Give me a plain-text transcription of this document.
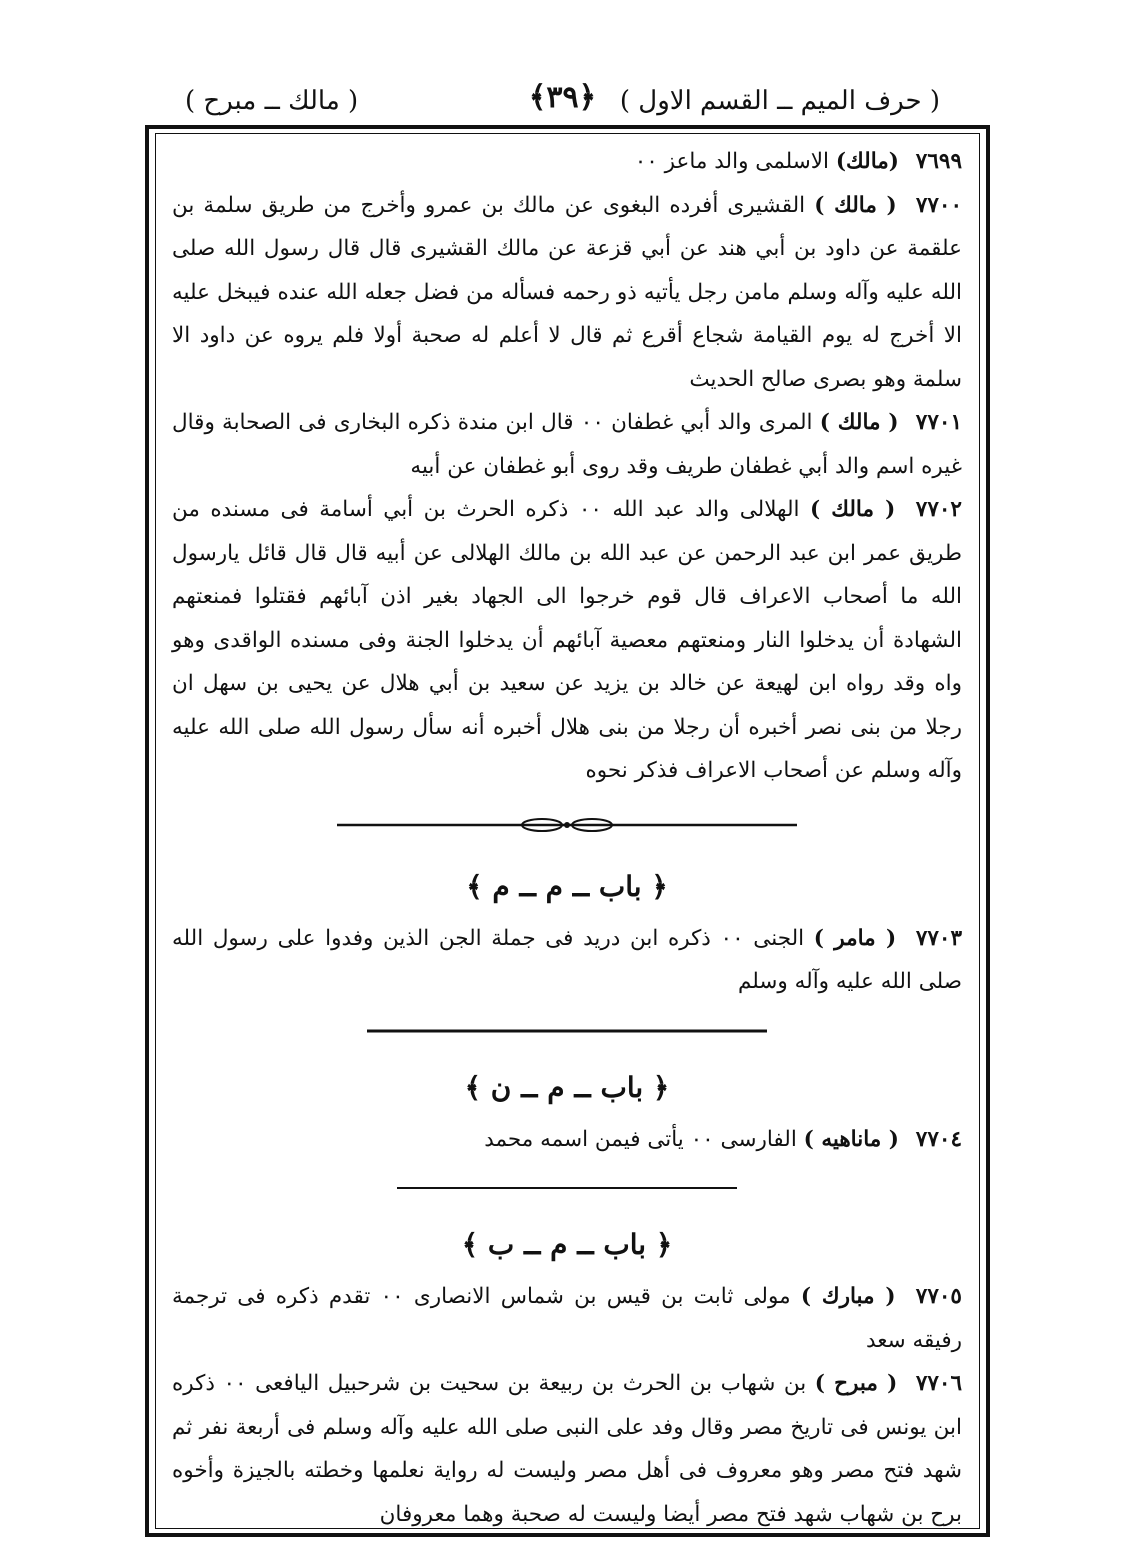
( حرف الميم ــ القسم الاول )
﴿٣٩﴾
( مالك ــ مبرح )

٧٦٩٩ (مالك) الاسلمى والد ماعز ٠٠

٧٧٠٠ ( مالك ) القشيرى أفرده البغوى عن مالك بن عمرو وأخرج من طريق سلمة بن علقمة عن داود بن أبي هند عن أبي قزعة عن مالك القشيرى قال قال رسول الله صلى الله عليه وآله وسلم مامن رجل يأتيه ذو رحمه فسأله من فضل جعله الله عنده فيبخل عليه الا أخرج له يوم القيامة شجاع أقرع ثم قال لا أعلم له صحبة أولا فلم يروه عن داود الا سلمة وهو بصرى صالح الحديث

٧٧٠١ ( مالك ) المرى والد أبي غطفان ٠٠ قال ابن مندة ذكره البخارى فى الصحابة وقال غيره اسم والد أبي غطفان طريف وقد روى أبو غطفان عن أبيه

٧٧٠٢ ( مالك ) الهلالى والد عبد الله ٠٠ ذكره الحرث بن أبي أسامة فى مسنده من طريق عمر ابن عبد الرحمن عن عبد الله بن مالك الهلالى عن أبيه قال قال قائل يارسول الله ما أصحاب الاعراف قال قوم خرجوا الى الجهاد بغير اذن آبائهم فقتلوا فمنعتهم الشهادة أن يدخلوا النار ومنعتهم معصية آبائهم أن يدخلوا الجنة وفى مسنده الواقدى وهو واه وقد رواه ابن لهيعة عن خالد بن يزيد عن سعيد بن أبي هلال عن يحيى بن سهل ان رجلا من بنى نصر أخبره أن رجلا من بنى هلال أخبره أنه سأل رسول الله صلى الله عليه وآله وسلم عن أصحاب الاعراف فذكر نحوه

﴿ باب ــ م ــ م ﴾

٧٧٠٣ ( مامر ) الجنى ٠٠ ذكره ابن دريد فى جملة الجن الذين وفدوا على رسول الله صلى الله عليه وآله وسلم

﴿ باب ــ م ــ ن ﴾

٧٧٠٤ ( ماناهيه ) الفارسى ٠٠ يأتى فيمن اسمه محمد

﴿ باب ــ م ــ ب ﴾

٧٧٠٥ ( مبارك ) مولى ثابت بن قيس بن شماس الانصارى ٠٠ تقدم ذكره فى ترجمة رفيقه سعد

٧٧٠٦ ( مبرح ) بن شهاب بن الحرث بن ربيعة بن سحيت بن شرحبيل اليافعى ٠٠ ذكره ابن يونس فى تاريخ مصر وقال وفد على النبى صلى الله عليه وآله وسلم فى أربعة نفر ثم شهد فتح مصر وهو معروف فى أهل مصر وليست له رواية نعلمها وخطته بالجيزة وأخوه برح بن شهاب شهد فتح مصر أيضا وليست له صحبة وهما معروفان
